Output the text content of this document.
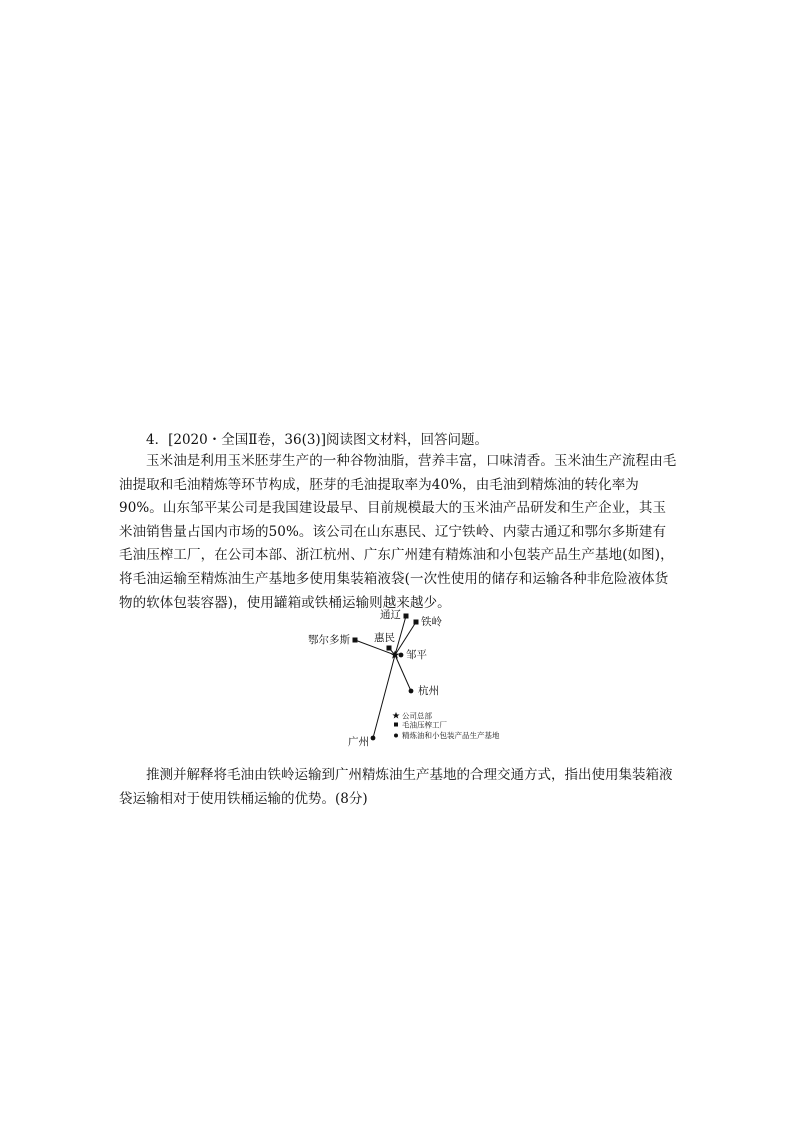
4．[2020・全国Ⅱ卷，36(3)]阅读图文材料，回答问题。
玉米油是利用玉米胚芽生产的一种谷物油脂，营养丰富，口味清香。玉米油生产流程由毛油提取和毛油精炼等环节构成，胚芽的毛油提取率为40%，由毛油到精炼油的转化率为90%。山东邹平某公司是我国建设最早、目前规模最大的玉米油产品研发和生产企业，其玉米油销售量占国内市场的50%。该公司在山东惠民、辽宁铁岭、内蒙古通辽和鄂尔多斯建有毛油压榨工厂，在公司本部、浙江杭州、广东广州建有精炼油和小包装产品生产基地(如图)，将毛油运输至精炼油生产基地多使用集装箱液袋(一次性使用的储存和运输各种非危险液体货物的软体包装容器)，使用罐箱或铁桶运输则越来越少。
通辽
铁岭
鄂尔多斯 惠民
邹平
杭州
广州
公司总部
毛油压榨工厂
精炼油和小包装产品生产基地
推测并解释将毛油由铁岭运输到广州精炼油生产基地的合理交通方式，指出使用集装箱液袋运输相对于使用铁桶运输的优势。(8分)
